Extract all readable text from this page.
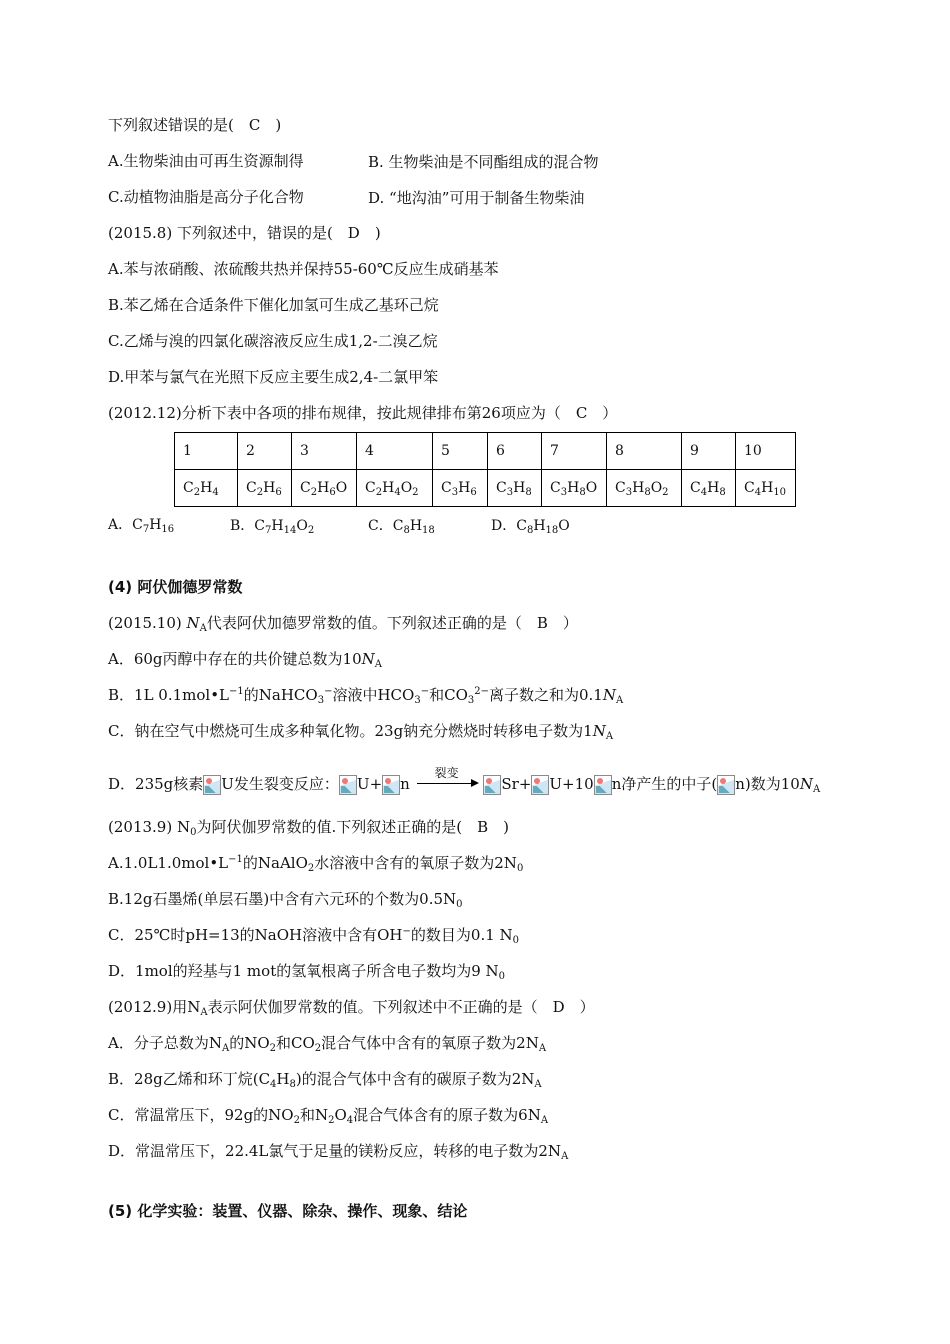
下列叙述错误的是(　C　)
A.生物柴油由可再生资源制得	B. 生物柴油是不同酯组成的混合物
C.动植物油脂是高分子化合物	D. “地沟油”可用于制备生物柴油
(2015.8) 下列叙述中，错误的是(　D　)
A.苯与浓硝酸、浓硫酸共热并保持55-60℃反应生成硝基苯
B.苯乙烯在合适条件下催化加氢可生成乙基环己烷
C.乙烯与溴的四氯化碳溶液反应生成1,2-二溴乙烷
D.甲苯与氯气在光照下反应主要生成2,4-二氯甲笨
(2012.12)分析下表中各项的排布规律，按此规律排布第26项应为（　C　）
1	2	3	4	5	6	7	8	9	10
$C_2H_4$	$C_2H_6$	$C_2H_6O$	$C_2H_4O_2$	$C_3H_6$	$C_3H_8$	$C_3H_8O$	$C_3H_8O_2$	$C_4H_8$	$C_4H_{10}$
A．$C_7H_{16}$	B．$C_7H_{14}O_2$	C．$C_8H_{18}$	D．$C_8H_{18}O$
(4) 阿伏伽德罗常数
(2015.10) $N_A$代表阿伏加德罗常数的值。下列叙述正确的是（　B　）
A．60g丙醇中存在的共价键总数为$10N_A$
B．1L $0.1mol•L^{-1}$的NaHCO$_3$−溶液中$HCO_3^-$和$CO_3^{2-}$离子数之和为$0.1N_A$
C．钠在空气中燃烧可生成多种氧化物。23g钠充分燃烧时转移电子数为$1N_A$
D．235g核素 U发生裂变反应： U+ n
裂变
Sr+ U+10 n净产生的中子( n)数为$10N_A$
(2013.9) $N_0$为阿伏伽罗常数的值.下列叙述正确的是(　B　)
$A.1.0L1.0mol•L^{-1}$的NaAlO$_2$水溶液中含有的氧原子数为$2N_0$
B.12g石墨烯(单层石墨)中含有六元环的个数为$0.5N_0$
C．25℃时pH=13的NaOH溶液中含有OH−的数目为0.1 $N_0$
D．1mol的羟基与1 mot的氢氧根离子所含电子数均为9 $N_0$
(2012.9)用$N_A$表示阿伏伽罗常数的值。下列叙述中不正确的是（　D　）
A．分子总数为$N_A$的$NO_2$和$CO_2$混合气体中含有的氧原子数为$2N_A$
B．28g乙烯和环丁烷$(C_4H_8)$的混合气体中含有的碳原子数为$2N_A$
C．常温常压下，92g的$NO_2$和$N_2O_4$混合气体含有的原子数为$6N_A$
D．常温常压下，22.4L氯气于足量的镁粉反应，转移的电子数为$2N_A$
(5) 化学实验：装置、仪器、除杂、操作、现象、结论
